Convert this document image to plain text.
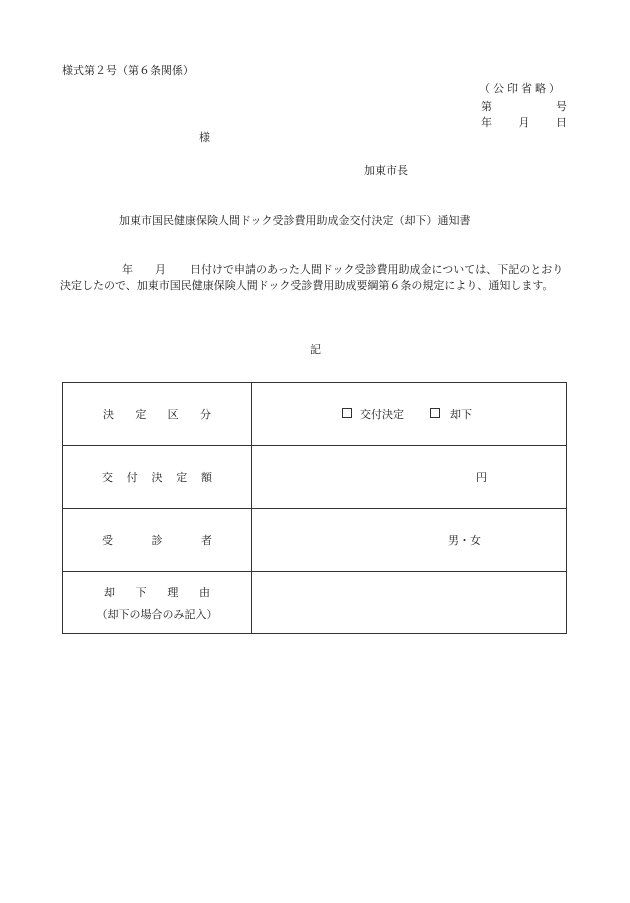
様式第２号（第６条関係）
（公印省略）
第	号
年 月 日
様
加東市長
加東市国民健康保険人間ドック受診費用助成金交付決定（却下）通知書
年 月 日付けで申請のあった人間ドック受診費用助成金については、下記のとおり決定したので、加東市国民健康保険人間ドック受診費用助成要綱第６条の規定により、通知します。
記
決 定 区 分	交付決定	却下
交 付 決 定 額	円
受	診	者	男・女
却 下 理 由
（却下の場合のみ記入）
